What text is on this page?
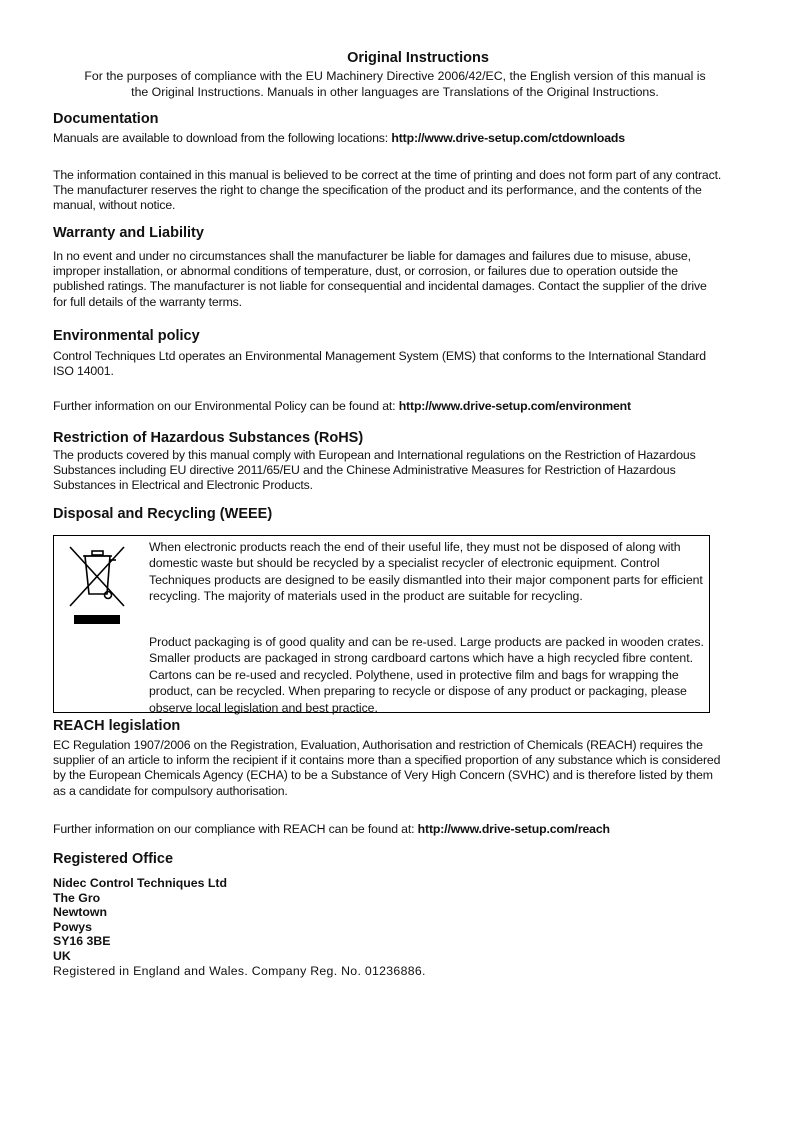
Original Instructions
For the purposes of compliance with the EU Machinery Directive 2006/42/EC, the English version of this manual is
the Original Instructions. Manuals in other languages are Translations of the Original Instructions.
Documentation
Manuals are available to download from the following locations: http://www.drive-setup.com/ctdownloads
The information contained in this manual is believed to be correct at the time of printing and does not form part of any contract. The manufacturer reserves the right to change the specification of the product and its performance, and the contents of the manual, without notice.
Warranty and Liability
In no event and under no circumstances shall the manufacturer be liable for damages and failures due to misuse, abuse, improper installation, or abnormal conditions of temperature, dust, or corrosion, or failures due to operation outside the published ratings. The manufacturer is not liable for consequential and incidental damages. Contact the supplier of the drive for full details of the warranty terms.
Environmental policy
Control Techniques Ltd operates an Environmental Management System (EMS) that conforms to the International Standard ISO 14001.
Further information on our Environmental Policy can be found at: http://www.drive-setup.com/environment
Restriction of Hazardous Substances (RoHS)
The products covered by this manual comply with European and International regulations on the Restriction of Hazardous Substances including EU directive 2011/65/EU and the Chinese Administrative Measures for Restriction of Hazardous Substances in Electrical and Electronic Products.
Disposal and Recycling (WEEE)
When electronic products reach the end of their useful life, they must not be disposed of along with domestic waste but should be recycled by a specialist recycler of electronic equipment. Control Techniques products are designed to be easily dismantled into their major component parts for efficient recycling. The majority of materials used in the product are suitable for recycling.
Product packaging is of good quality and can be re-used. Large products are packed in wooden crates. Smaller products are packaged in strong cardboard cartons which have a high recycled fibre content. Cartons can be re-used and recycled. Polythene, used in protective film and bags for wrapping the product, can be recycled. When preparing to recycle or dispose of any product or packaging, please observe local legislation and best practice.
REACH legislation
EC Regulation 1907/2006 on the Registration, Evaluation, Authorisation and restriction of Chemicals (REACH) requires the supplier of an article to inform the recipient if it contains more than a specified proportion of any substance which is considered by the European Chemicals Agency (ECHA) to be a Substance of Very High Concern (SVHC) and is therefore listed by them as a candidate for compulsory authorisation.
Further information on our compliance with REACH can be found at: http://www.drive-setup.com/reach
Registered Office
Nidec Control Techniques Ltd
The Gro
Newtown
Powys
SY16 3BE
UK
Registered in England and Wales. Company Reg. No. 01236886.
